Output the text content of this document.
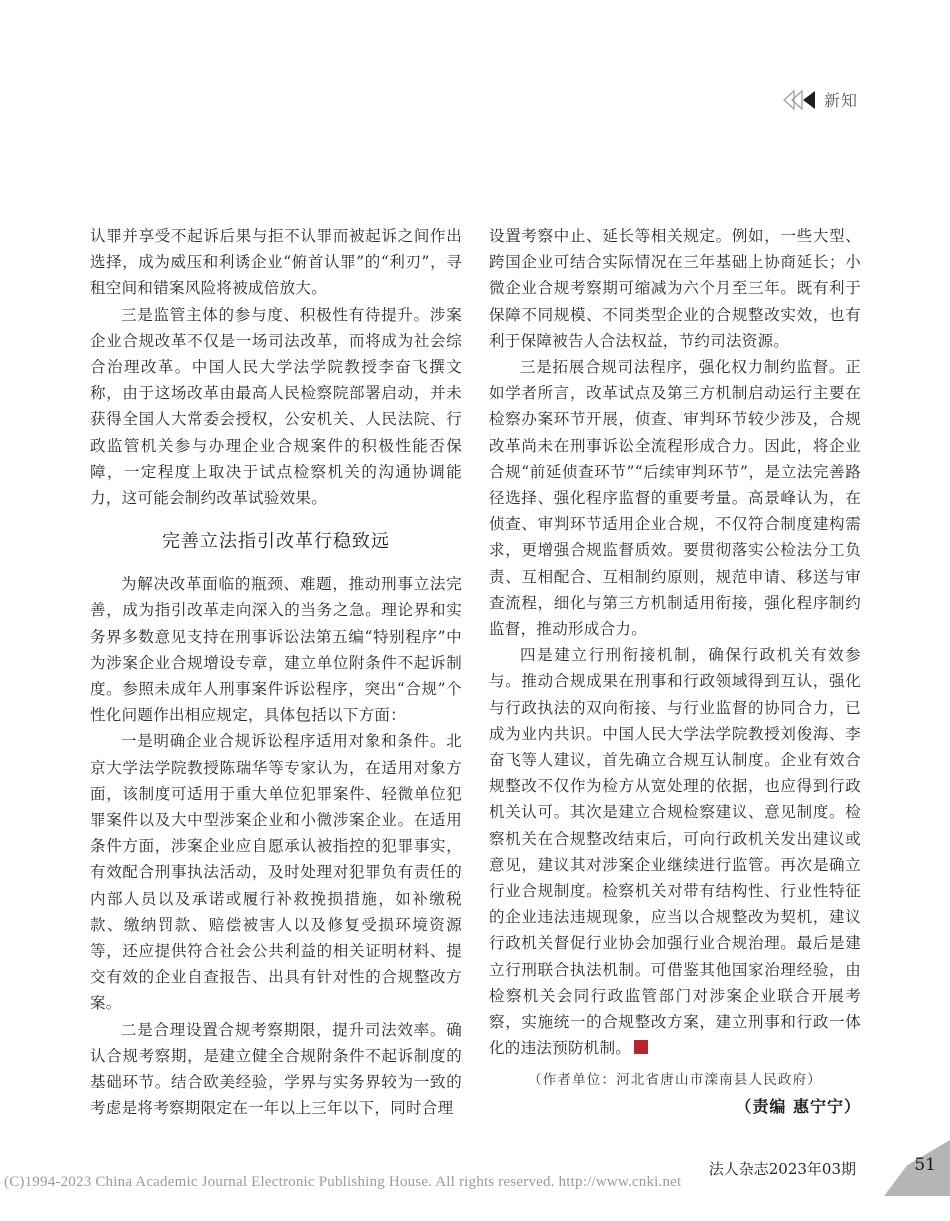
新知

认罪并享受不起诉后果与拒不认罪而被起诉之间作出选择，成为威压和利诱企业“俯首认罪”的“利刃”，寻租空间和错案风险将被成倍放大。

三是监管主体的参与度、积极性有待提升。涉案企业合规改革不仅是一场司法改革，而将成为社会综合治理改革。中国人民大学法学院教授李奋飞撰文称，由于这场改革由最高人民检察院部署启动，并未获得全国人大常委会授权，公安机关、人民法院、行政监管机关参与办理企业合规案件的积极性能否保障，一定程度上取决于试点检察机关的沟通协调能力，这可能会制约改革试验效果。

完善立法指引改革行稳致远

为解决改革面临的瓶颈、难题，推动刑事立法完善，成为指引改革走向深入的当务之急。理论界和实务界多数意见支持在刑事诉讼法第五编“特别程序”中为涉案企业合规增设专章，建立单位附条件不起诉制度。参照未成年人刑事案件诉讼程序，突出“合规”个性化问题作出相应规定，具体包括以下方面：

一是明确企业合规诉讼程序适用对象和条件。北京大学法学院教授陈瑞华等专家认为，在适用对象方面，该制度可适用于重大单位犯罪案件、轻微单位犯罪案件以及大中型涉案企业和小微涉案企业。在适用条件方面，涉案企业应自愿承认被指控的犯罪事实，有效配合刑事执法活动，及时处理对犯罪负有责任的内部人员以及承诺或履行补救挽损措施，如补缴税款、缴纳罚款、赔偿被害人以及修复受损环境资源等，还应提供符合社会公共利益的相关证明材料、提交有效的企业自查报告、出具有针对性的合规整改方案。

二是合理设置合规考察期限，提升司法效率。确认合规考察期，是建立健全合规附条件不起诉制度的基础环节。结合欧美经验，学界与实务界较为一致的考虑是将考察期限定在一年以上三年以下，同时合理

设置考察中止、延长等相关规定。例如，一些大型、跨国企业可结合实际情况在三年基础上协商延长；小微企业合规考察期可缩减为六个月至三年。既有利于保障不同规模、不同类型企业的合规整改实效，也有利于保障被告人合法权益，节约司法资源。

三是拓展合规司法程序，强化权力制约监督。正如学者所言，改革试点及第三方机制启动运行主要在检察办案环节开展，侦查、审判环节较少涉及，合规改革尚未在刑事诉讼全流程形成合力。因此，将企业合规“前延侦查环节”“后续审判环节”，是立法完善路径选择、强化程序监督的重要考量。高景峰认为，在侦查、审判环节适用企业合规，不仅符合制度建构需求，更增强合规监督质效。要贯彻落实公检法分工负责、互相配合、互相制约原则，规范申请、移送与审查流程，细化与第三方机制适用衔接，强化程序制约监督，推动形成合力。

四是建立行刑衔接机制，确保行政机关有效参与。推动合规成果在刑事和行政领域得到互认，强化与行政执法的双向衔接、与行业监督的协同合力，已成为业内共识。中国人民大学法学院教授刘俊海、李奋飞等人建议，首先确立合规互认制度。企业有效合规整改不仅作为检方从宽处理的依据，也应得到行政机关认可。其次是建立合规检察建议、意见制度。检察机关在合规整改结束后，可向行政机关发出建议或意见，建议其对涉案企业继续进行监管。再次是确立行业合规制度。检察机关对带有结构性、行业性特征的企业违法违规现象，应当以合规整改为契机，建议行政机关督促行业协会加强行业合规治理。最后是建立行刑联合执法机制。可借鉴其他国家治理经验，由检察机关会同行政监管部门对涉案企业联合开展考察，实施统一的合规整改方案，建立刑事和行政一体化的违法预防机制。

（作者单位：河北省唐山市滦南县人民政府）
（责编 惠宁宁）
法人杂志2023年03期	51
(C)1994-2023 China Academic Journal Electronic Publishing House. All rights reserved. http://www.cnki.net
